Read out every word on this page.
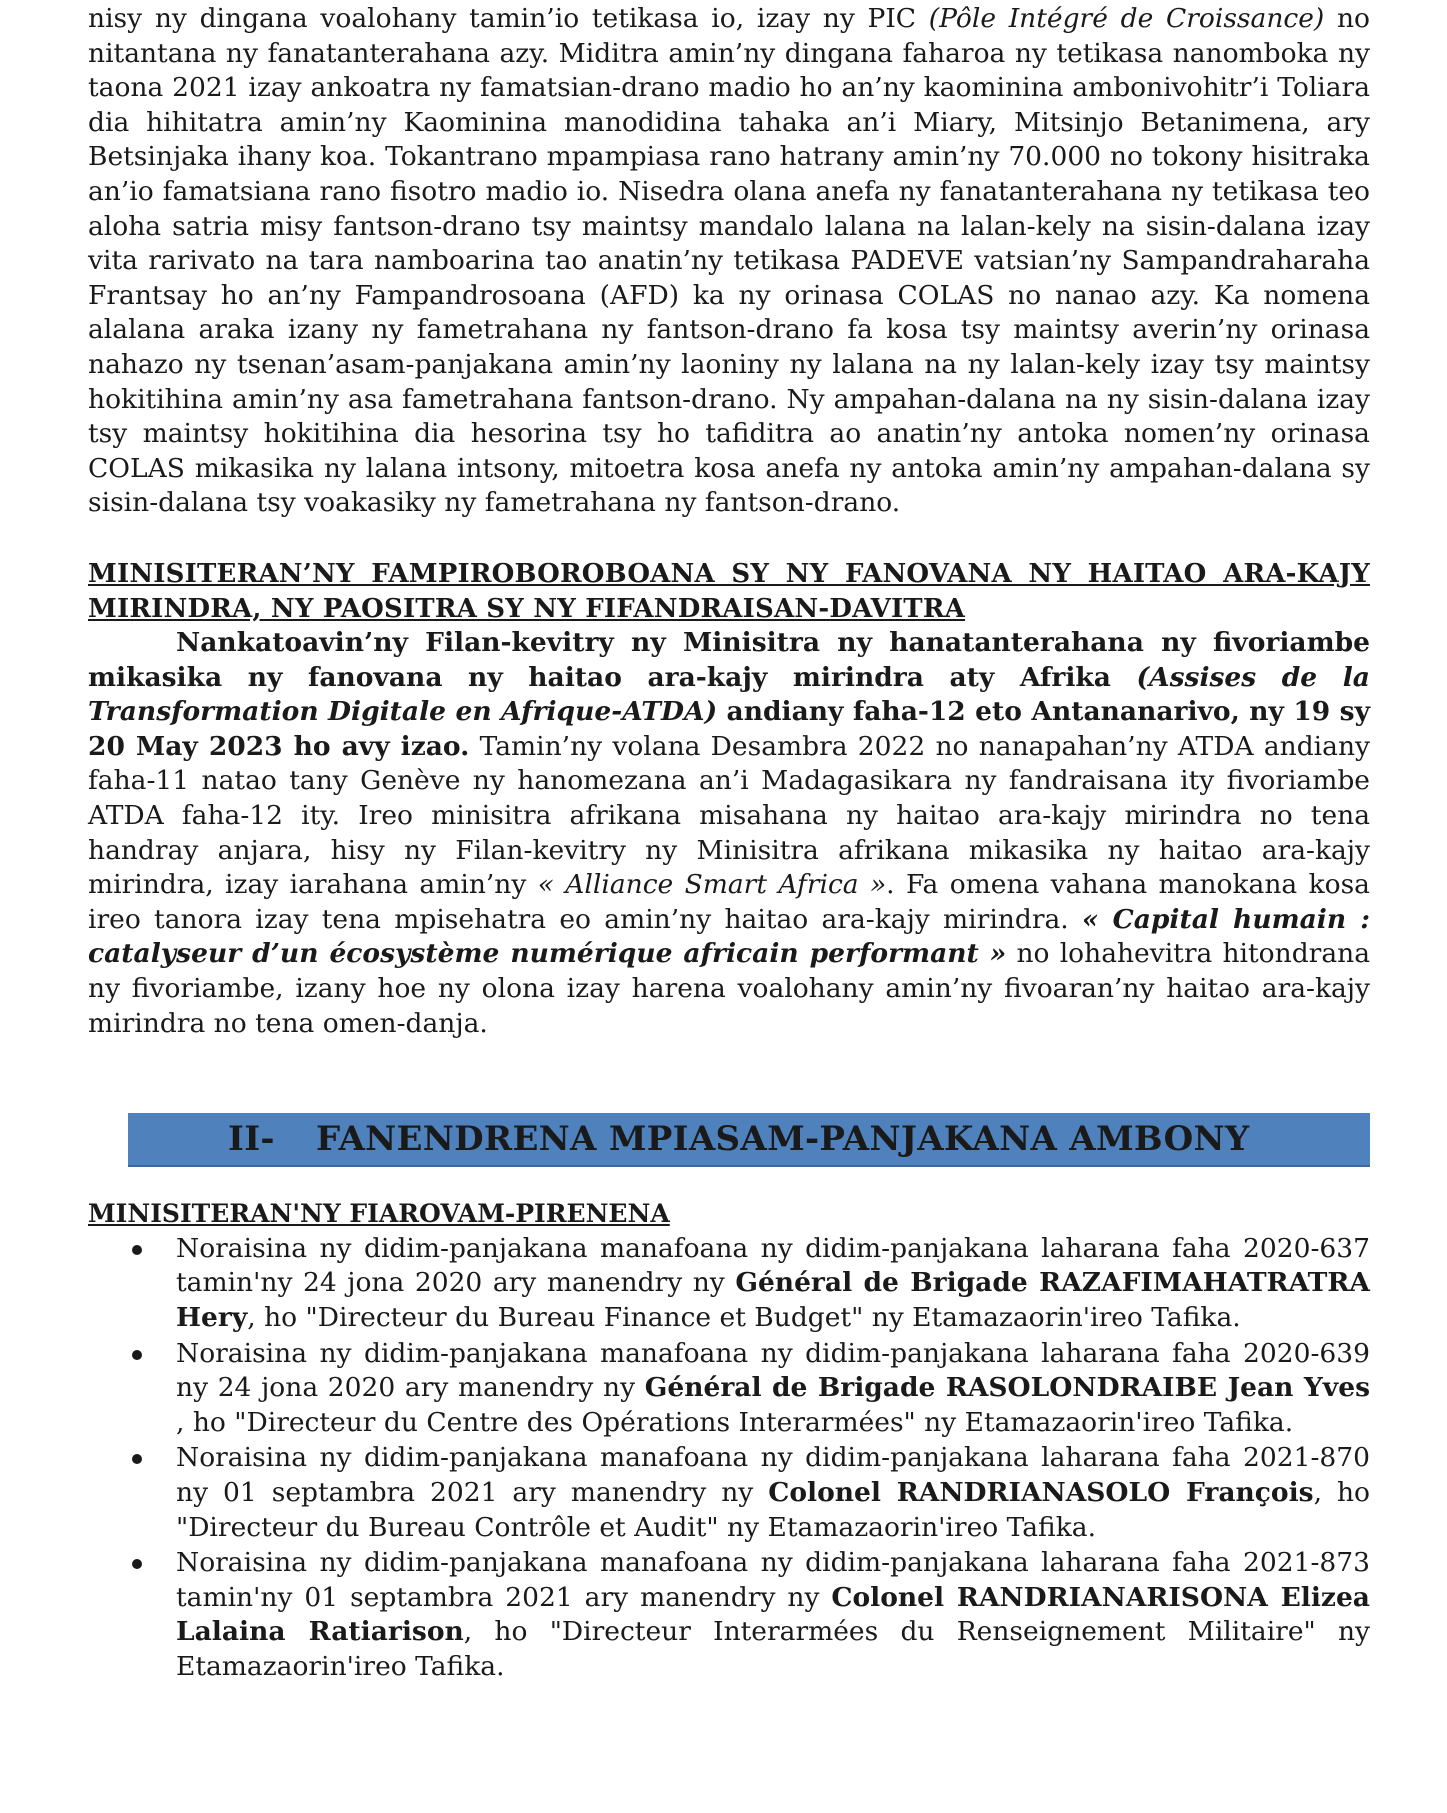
nisy ny dingana voalohany tamin’io tetikasa io, izay ny PIC (Pôle Intégré de Croissance) no nitantana ny fanatanterahana azy. Miditra amin’ny dingana faharoa ny tetikasa nanomboka ny taona 2021 izay ankoatra ny famatsian-drano madio ho an’ny kaominina ambonivohitr’i Toliara dia hihitatra amin’ny Kaominina manodidina tahaka an’i Miary, Mitsinjo Betanimena, ary Betsinjaka ihany koa. Tokantrano mpampiasa rano hatrany amin’ny 70.000 no tokony hisitraka an’io famatsiana rano fisotro madio io. Nisedra olana anefa ny fanatanterahana ny tetikasa teo aloha satria misy fantson-drano tsy maintsy mandalo lalana na lalan-kely na sisin-dalana izay vita rarivato na tara namboarina tao anatin’ny tetikasa PADEVE vatsian’ny Sampandraharaha Frantsay ho an’ny Fampandrosoana (AFD) ka ny orinasa COLAS no nanao azy. Ka nomena alalana araka izany ny fametrahana ny fantson-drano fa kosa tsy maintsy averin’ny orinasa nahazo ny tsenan’asam-panjakana amin’ny laoniny ny lalana na ny lalan-kely izay tsy maintsy hokitihina amin’ny asa fametrahana fantson-drano. Ny ampahan-dalana na ny sisin-dalana izay tsy maintsy hokitihina dia hesorina tsy ho tafiditra ao anatin’ny antoka nomen’ny orinasa COLAS mikasika ny lalana intsony, mitoetra kosa anefa ny antoka amin’ny ampahan-dalana sy sisin-dalana tsy voakasiky ny fametrahana ny fantson-drano.

MINISITERAN’NY FAMPIROBOROBOANA SY NY FANOVANA NY HAITAO ARA-KAJY MIRINDRA, NY PAOSITRA SY NY FIFANDRAISAN-DAVITRA

Nankatoavin’ny Filan-kevitry ny Minisitra ny hanatanterahana ny fivoriambe mikasika ny fanovana ny haitao ara-kajy mirindra aty Afrika (Assises de la Transformation Digitale en Afrique-ATDA) andiany faha-12 eto Antananarivo, ny 19 sy 20 May 2023 ho avy izao. Tamin’ny volana Desambra 2022 no nanapahan’ny ATDA andiany faha-11 natao tany Genève ny hanomezana an’i Madagasikara ny fandraisana ity fivoriambe ATDA faha-12 ity. Ireo minisitra afrikana misahana ny haitao ara-kajy mirindra no tena handray anjara, hisy ny Filan-kevitry ny Minisitra afrikana mikasika ny haitao ara-kajy mirindra, izay iarahana amin’ny « Alliance Smart Africa ». Fa omena vahana manokana kosa ireo tanora izay tena mpisehatra eo amin’ny haitao ara-kajy mirindra. « Capital humain : catalyseur d’un écosystème numérique africain performant » no lohahevitra hitondrana ny fivoriambe, izany hoe ny olona izay harena voalohany amin’ny fivoaran’ny haitao ara-kajy mirindra no tena omen-danja.

II-	FANENDRENA MPIASAM-PANJAKANA AMBONY
MINISITERAN'NY FIAROVAM-PIRENENA
Noraisina ny didim-panjakana manafoana ny didim-panjakana laharana faha 2020-637 tamin'ny 24 jona 2020 ary manendry ny Général de Brigade RAZAFIMAHATRATRA Hery, ho "Directeur du Bureau Finance et Budget" ny Etamazaorin'ireo Tafika.
Noraisina ny didim-panjakana manafoana ny didim-panjakana laharana faha 2020-639 ny 24 jona 2020 ary manendry ny Général de Brigade RASOLONDRAIBE Jean Yves , ho "Directeur du Centre des Opérations Interarmées" ny Etamazaorin'ireo Tafika.
Noraisina ny didim-panjakana manafoana ny didim-panjakana laharana faha 2021-870 ny 01 septambra 2021 ary manendry ny Colonel RANDRIANASOLO François, ho "Directeur du Bureau Contrôle et Audit" ny Etamazaorin'ireo Tafika.
Noraisina ny didim-panjakana manafoana ny didim-panjakana laharana faha 2021-873 tamin'ny 01 septambra 2021 ary manendry ny Colonel RANDRIANARISONA Elizea Lalaina Ratiarison, ho "Directeur Interarmées du Renseignement Militaire" ny Etamazaorin'ireo Tafika.
